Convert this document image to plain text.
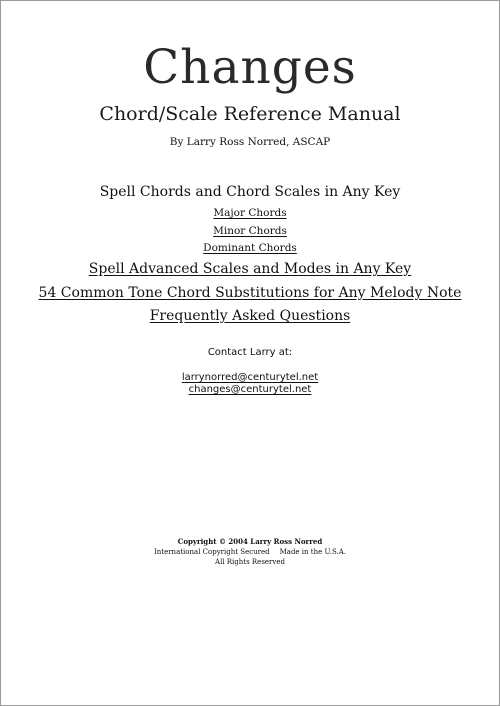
Changes
Chord/Scale Reference Manual
By Larry Ross Norred, ASCAP
Spell Chords and Chord Scales in Any Key
Major Chords
Minor Chords
Dominant Chords
Spell Advanced Scales and Modes in Any Key
54 Common Tone Chord Substitutions for Any Melody Note
Frequently Asked Questions
Contact Larry at:
larrynorred@centurytel.net
changes@centurytel.net
Copyright © 2004 Larry Ross Norred
International Copyright Secured Made in the U.S.A.
All Rights Reserved
